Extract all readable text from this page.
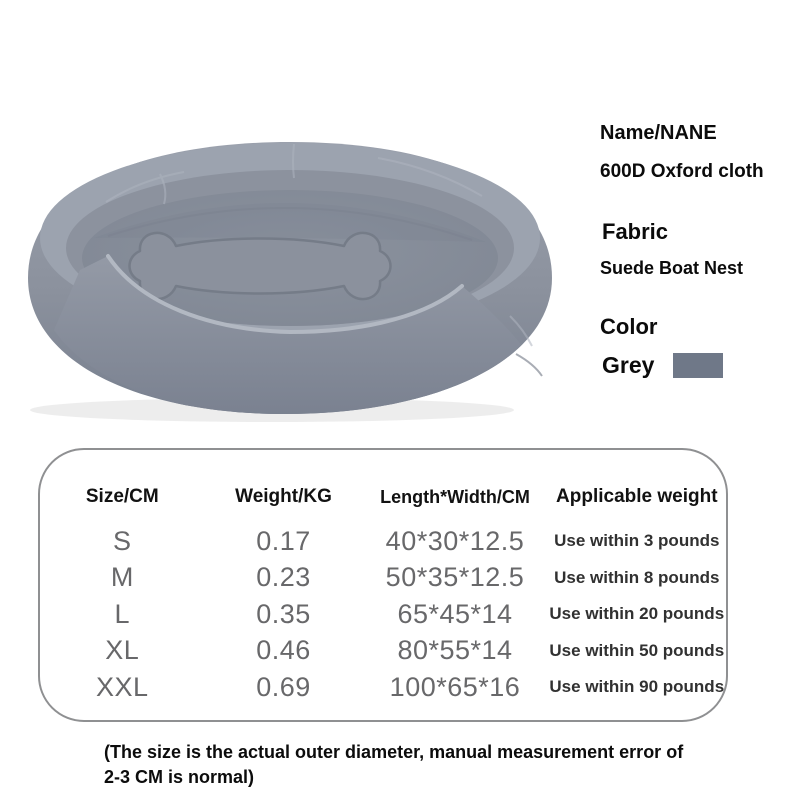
Name/NANE

600D Oxford cloth

Fabric

Suede Boat Nest

Color
Grey
Size/CM	Weight/KG	Length*Width/CM	Applicable weight
S	0.17	40*30*12.5	Use within 3 pounds
M	0.23	50*35*12.5	Use within 8 pounds
L	0.35	65*45*14	Use within 20 pounds
XL	0.46	80*55*14	Use within 50 pounds
XXL	0.69	100*65*16	Use within 90 pounds

(The size is the actual outer diameter, manual measurement error of 2-3 CM is normal)
